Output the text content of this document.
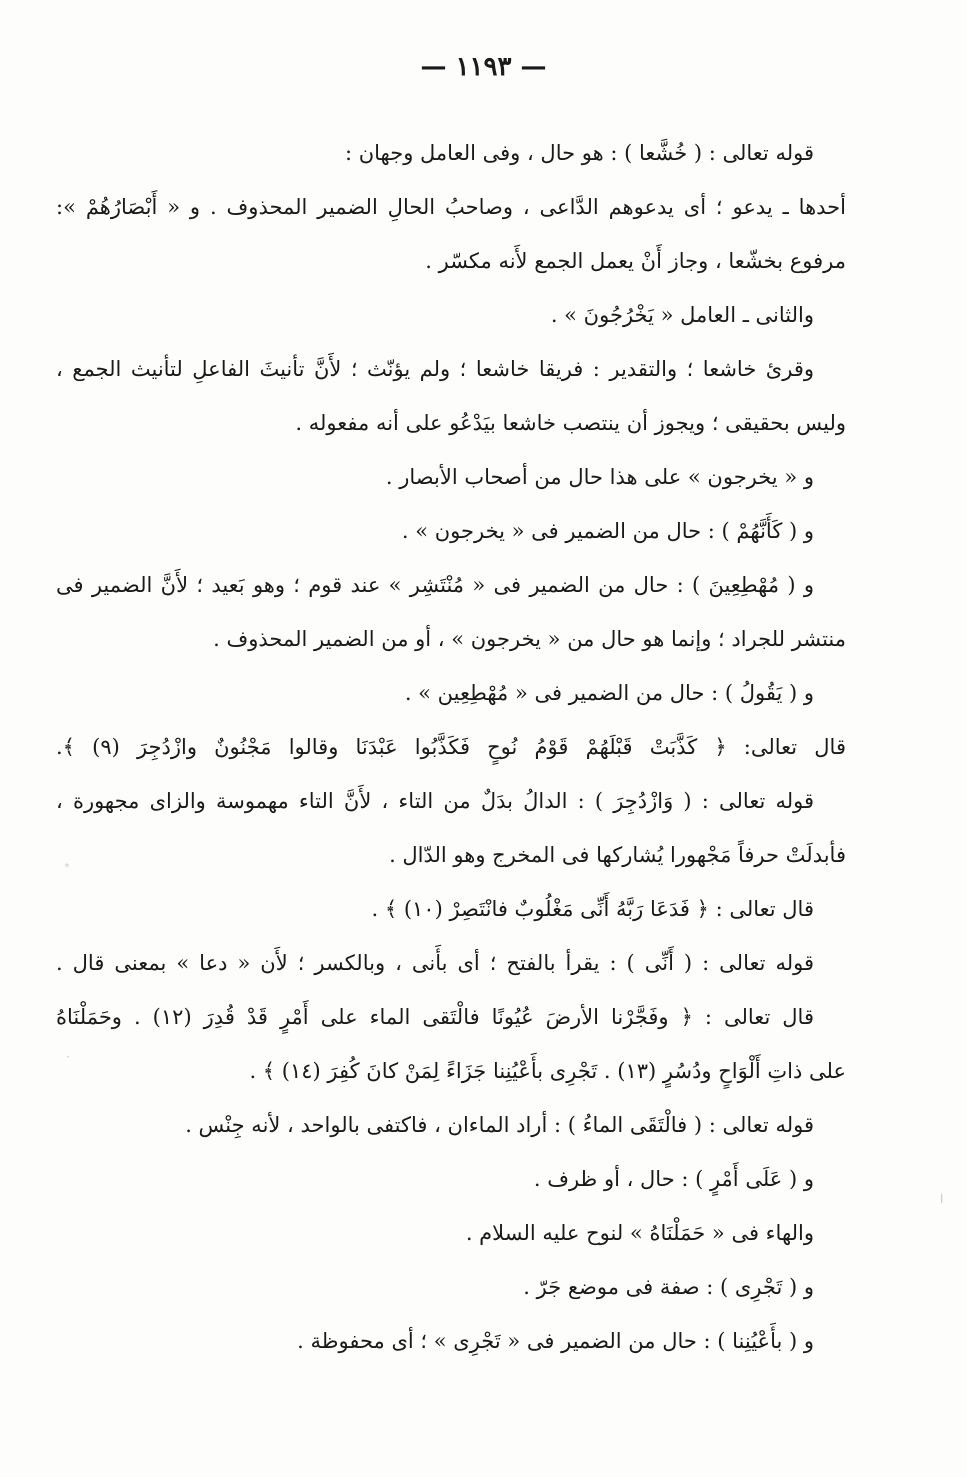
— ١١٩٣ —
قوله تعالى : ( خُشَّعا ) : هو حال ، وفى العامل وجهان :
أحدها ـ يدعو ؛ أى يدعوهم الدَّاعى ، وصاحبُ الحالِ الضمير المحذوف . و « أَبْصَارُهُمْ »:
مرفوع بخشّعا ، وجاز أَنْ يعمل الجمع لأَنه مكسّر .
والثانى ـ العامل « يَخْرُجُونَ » .
وقرئ خاشعا ؛ والتقدير : فريقا خاشعا ؛ ولم يؤنّث ؛ لأَنَّ تأنيثَ الفاعلِ لتأنيث الجمع ،
وليس بحقيقى ؛ ويجوز أن ينتصب خاشعا بيَدْعُو على أنه مفعوله .
و « يخرجون » على هذا حال من أصحاب الأبصار .
و ( كَأَنَّهُمْ ) : حال من الضمير فى « يخرجون » .
و ( مُهْطِعِينَ ) : حال من الضمير فى « مُنْتَشِر » عند قوم ؛ وهو بَعيد ؛ لأَنَّ الضمير فى
منتشر للجراد ؛ وإنما هو حال من « يخرجون » ، أو من الضمير المحذوف .
و ( يَقُولُ ) : حال من الضمير فى « مُهْطِعِين » .
قال تعالى: ﴿ كَذَّبَتْ قَبْلَهُمْ قَوْمُ نُوحٍ فَكَذَّبُوا عَبْدَنَا وقالوا مَجْنُونٌ وازْدُجِرَ (٩) ﴾.
قوله تعالى : ( وَازْدُجِرَ ) : الدالُ بدَلٌ من التاء ، لأَنَّ التاء مهموسة والزاى مجهورة ،
فأبدلَتْ حرفاً مَجْهورا يُشاركها فى المخرج وهو الدّال .
قال تعالى : ﴿ فَدَعَا رَبَّهُ أَنِّى مَغْلُوبٌ فانْتَصِرْ (١٠) ﴾ .
قوله تعالى : ( أَنِّى ) : يقرأ بالفتح ؛ أى بأَنى ، وبالكسر ؛ لأَن « دعا » بمعنى قال .
قال تعالى : ﴿ وفَجَّرْنا الأرضَ عُيُونًا فالْتَقى الماء على أَمْرٍ قَدْ قُدِرَ (١٢) . وحَمَلْنَاهُ
على ذاتِ أَلْوَاحٍ ودُسُرٍ (١٣) . تَجْرِى بأَعْيُنِنا جَزَاءً لِمَنْ كانَ كُفِرَ (١٤) ﴾ .
قوله تعالى : ( فالْتَقَى الماءُ ) : أراد الماءان ، فاكتفى بالواحد ، لأنه جِنْس .
و ( عَلَى أَمْرٍ ) : حال ، أو ظرف .
والهاء فى « حَمَلْنَاهُ » لنوح عليه السلام .
و ( تَجْرِى ) : صفة فى موضع جَرّ .
و ( بأَعْيُنِنا ) : حال من الضمير فى « تَجْرِى » ؛ أى محفوظة .
∘
·
ا
